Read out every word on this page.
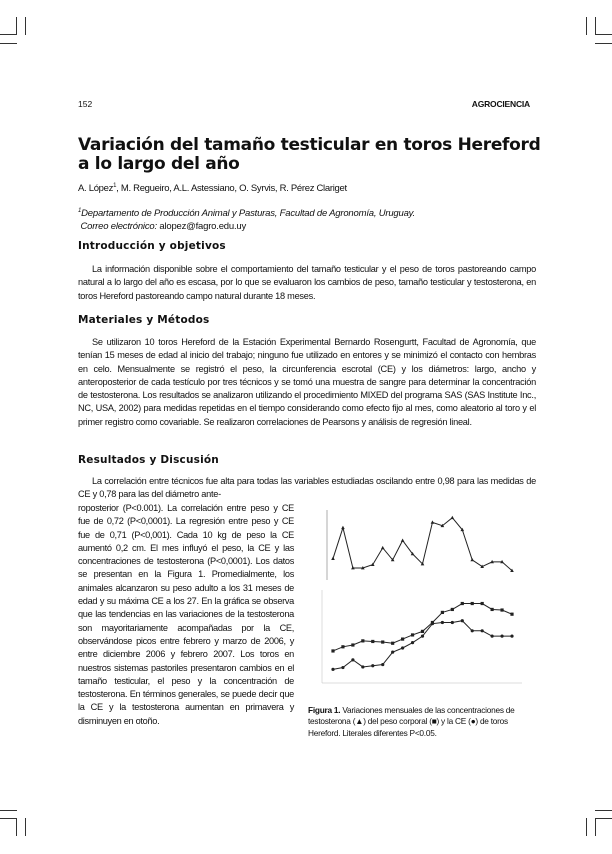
152	AGROCIENCIA
Variación del tamaño testicular en toros Hereford a lo largo del año
A. López$^1$, M. Regueiro, A.L. Astessiano, O. Syrvis, R. Pérez Clariget
$^1$Departamento de Producción Animal y Pasturas, Facultad de Agronomía, Uruguay.
Correo electrónico: alopez@fagro.edu.uy
Introducción y objetivos

La información disponible sobre el comportamiento del tamaño testicular y el peso de toros pastoreando campo natural a lo largo del año es escasa, por lo que se evaluaron los cambios de peso, tamaño testicular y testosterona, en toros Hereford pastoreando campo natural durante 18 meses.

Materiales y Métodos

Se utilizaron 10 toros Hereford de la Estación Experimental Bernardo Rosengurtt, Facultad de Agronomía, que tenían 15 meses de edad al inicio del trabajo; ninguno fue utilizado en entores y se minimizó el contacto con hembras en celo. Mensualmente se registró el peso, la circunferencia escrotal (CE) y los diámetros: largo, ancho y anteroposterior de cada testículo por tres técnicos y se tomó una muestra de sangre para determinar la concentración de testosterona. Los resultados se analizaron utilizando el procedimiento MIXED del programa SAS (SAS Institute Inc., NC, USA, 2002) para medidas repetidas en el tiempo considerando como efecto fijo al mes, como aleatorio al toro y el primer registro como covariable. Se realizaron correlaciones de Pearsons y análisis de regresión lineal.

Resultados y Discusión

La correlación entre técnicos fue alta para todas las variables estudiadas oscilando entre 0,98 para las medidas de CE y 0,78 para las del diámetro ante-

roposterior (P<0.001). La correlación entre peso y CE fue de 0,72 (P<0,0001). La regresión entre peso y CE fue de 0,71 (P<0,001). Cada 10 kg de peso la CE aumentó 0,2 cm. El mes influyó el peso, la CE y las concentraciones de testosterona (P<0,0001). Los datos se presentan en la Figura 1. Promedialmente, los animales alcanzaron su peso adulto a los 31 meses de edad y su máxima CE a los 27. En la gráfica se observa que las tendencias en las variaciones de la testosterona son mayoritariamente acompañadas por la CE, observándose picos entre febrero y marzo de 2006, y entre diciembre 2006 y febrero 2007. Los toros en nuestros sistemas pastoriles presentaron cambios en el tamaño testicular, el peso y la concentración de testosterona. En términos generales, se puede decir que la CE y la testosterona aumentan en primavera y disminuyen en otoño.
Figura 1. Variaciones mensuales de las concentraciones de testosterona (▲) del peso corporal (■) y la CE (●) de toros Hereford. Literales diferentes P<0.05.
